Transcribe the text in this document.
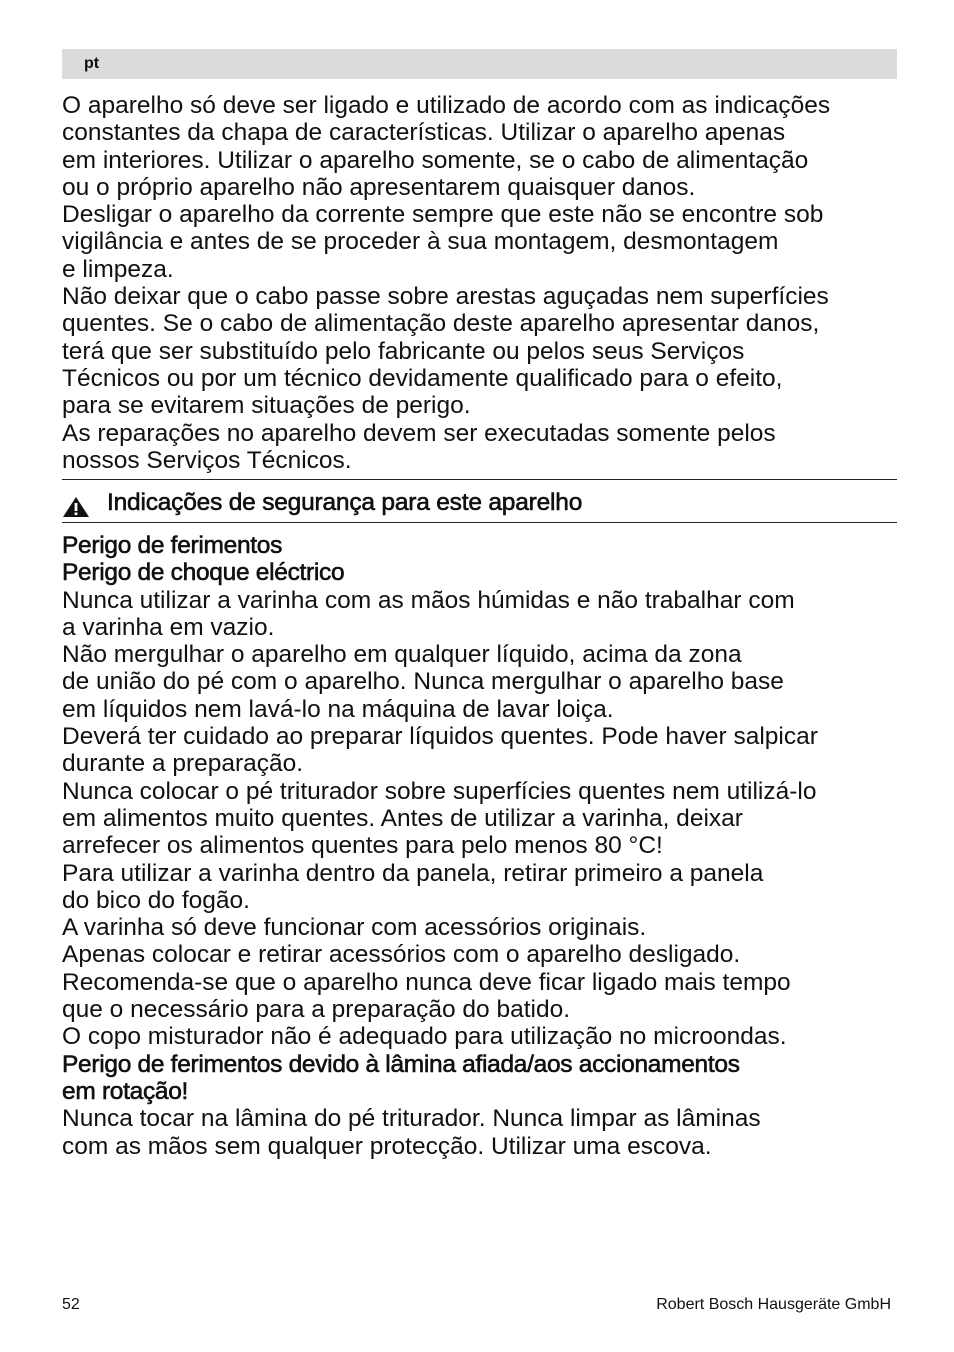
pt

O aparelho só deve ser ligado e utilizado de acordo com as indicações

constantes da chapa de características. Utilizar o aparelho apenas

em interiores. Utilizar o aparelho somente, se o cabo de alimentação

ou o próprio aparelho não apresentarem quaisquer danos.

Desligar o aparelho da corrente sempre que este não se encontre sob

vigilância e antes de se proceder à sua montagem, desmontagem

e limpeza.

Não deixar que o cabo passe sobre arestas aguçadas nem superfícies

quentes. Se o cabo de alimentação deste aparelho apresentar danos,

terá que ser substituído pelo fabricante ou pelos seus Serviços

Técnicos ou por um técnico devidamente qualificado para o efeito,

para se evitarem situações de perigo.

As reparações no aparelho devem ser executadas somente pelos

nossos Serviços Técnicos.

Indicações de segurança para este aparelho

Perigo de ferimentos

Perigo de choque eléctrico

Nunca utilizar a varinha com as mãos húmidas e não trabalhar com

a varinha em vazio.

Não mergulhar o aparelho em qualquer líquido, acima da zona

de união do pé com o aparelho. Nunca mergulhar o aparelho base

em líquidos nem lavá-lo na máquina de lavar loiça.

Deverá ter cuidado ao preparar líquidos quentes. Pode haver salpicar

durante a preparação.

Nunca colocar o pé triturador sobre superfícies quentes nem utilizá-lo

em alimentos muito quentes. Antes de utilizar a varinha, deixar

arrefecer os alimentos quentes para pelo menos 80 °C!

Para utilizar a varinha dentro da panela, retirar primeiro a panela

do bico do fogão.

A varinha só deve funcionar com acessórios originais.

Apenas colocar e retirar acessórios com o aparelho desligado.

Recomenda-se que o aparelho nunca deve ficar ligado mais tempo

que o necessário para a preparação do batido.

O copo misturador não é adequado para utilização no microondas.

Perigo de ferimentos devido à lâmina afiada/aos accionamentos

em rotação!

Nunca tocar na lâmina do pé triturador. Nunca limpar as lâminas

com as mãos sem qualquer protecção. Utilizar uma escova.

52	Robert Bosch Hausgeräte GmbH
